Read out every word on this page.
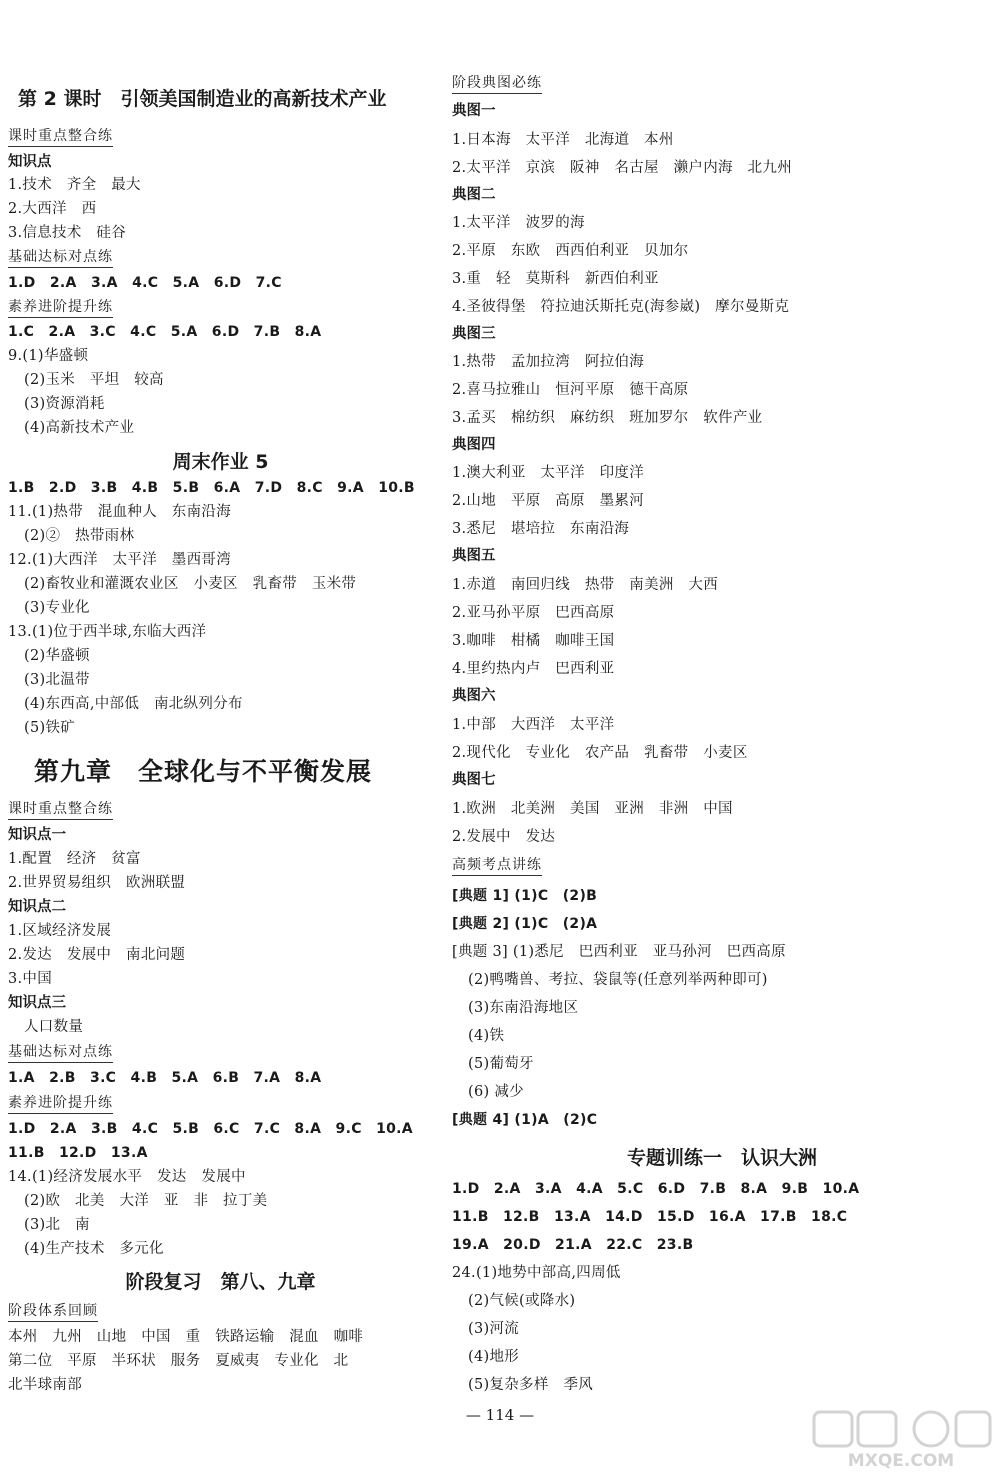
第 2 课时　引领美国制造业的高新技术产业
课时重点整合练
知识点
1.技术　齐全　最大
2.大西洋　西
3.信息技术　硅谷
基础达标对点练
1.D　2.A　3.A　4.C　5.A　6.D　7.C
素养进阶提升练
1.C　2.A　3.C　4.C　5.A　6.D　7.B　8.A
9.(1)华盛顿
(2)玉米　平坦　较高
(3)资源消耗
(4)高新技术产业
周末作业 5
1.B　2.D　3.B　4.B　5.B　6.A　7.D　8.C　9.A　10.B
11.(1)热带　混血种人　东南沿海
(2)②　热带雨林
12.(1)大西洋　太平洋　墨西哥湾
(2)畜牧业和灌溉农业区　小麦区　乳畜带　玉米带
(3)专业化
13.(1)位于西半球,东临大西洋
(2)华盛顿
(3)北温带
(4)东西高,中部低　南北纵列分布
(5)铁矿
第九章　全球化与不平衡发展
课时重点整合练
知识点一
1.配置　经济　贫富
2.世界贸易组织　欧洲联盟
知识点二
1.区域经济发展
2.发达　发展中　南北问题
3.中国
知识点三
人口数量
基础达标对点练
1.A　2.B　3.C　4.B　5.A　6.B　7.A　8.A
素养进阶提升练
1.D　2.A　3.B　4.C　5.B　6.C　7.C　8.A　9.C　10.A
11.B　12.D　13.A
14.(1)经济发展水平　发达　发展中
(2)欧　北美　大洋　亚　非　拉丁美
(3)北　南
(4)生产技术　多元化
阶段复习　第八、九章
阶段体系回顾
本州　九州　山地　中国　重　铁路运输　混血　咖啡
第二位　平原　半环状　服务　夏威夷　专业化　北
北半球南部
阶段典图必练
典图一
1.日本海　太平洋　北海道　本州
2.太平洋　京滨　阪神　名古屋　濑户内海　北九州
典图二
1.太平洋　波罗的海
2.平原　东欧　西西伯利亚　贝加尔
3.重　轻　莫斯科　新西伯利亚
4.圣彼得堡　符拉迪沃斯托克(海参崴)　摩尔曼斯克
典图三
1.热带　孟加拉湾　阿拉伯海
2.喜马拉雅山　恒河平原　德干高原
3.孟买　棉纺织　麻纺织　班加罗尔　软件产业
典图四
1.澳大利亚　太平洋　印度洋
2.山地　平原　高原　墨累河
3.悉尼　堪培拉　东南沿海
典图五
1.赤道　南回归线　热带　南美洲　大西
2.亚马孙平原　巴西高原
3.咖啡　柑橘　咖啡王国
4.里约热内卢　巴西利亚
典图六
1.中部　大西洋　太平洋
2.现代化　专业化　农产品　乳畜带　小麦区
典图七
1.欧洲　北美洲　美国　亚洲　非洲　中国
2.发展中　发达
高频考点讲练
[典题 1] (1)C　(2)B
[典题 2] (1)C　(2)A
[典题 3] (1)悉尼　巴西利亚　亚马孙河　巴西高原
(2)鸭嘴兽、考拉、袋鼠等(任意列举两种即可)
(3)东南沿海地区
(4)铁
(5)葡萄牙
(6) 减少
[典题 4] (1)A　(2)C
专题训练一　认识大洲
1.D　2.A　3.A　4.A　5.C　6.D　7.B　8.A　9.B　10.A
11.B　12.B　13.A　14.D　15.D　16.A　17.B　18.C
19.A　20.D　21.A　22.C　23.B
24.(1)地势中部高,四周低
(2)气候(或降水)
(3)河流
(4)地形
(5)复杂多样　季风
— 114 —
MXQE.COM
